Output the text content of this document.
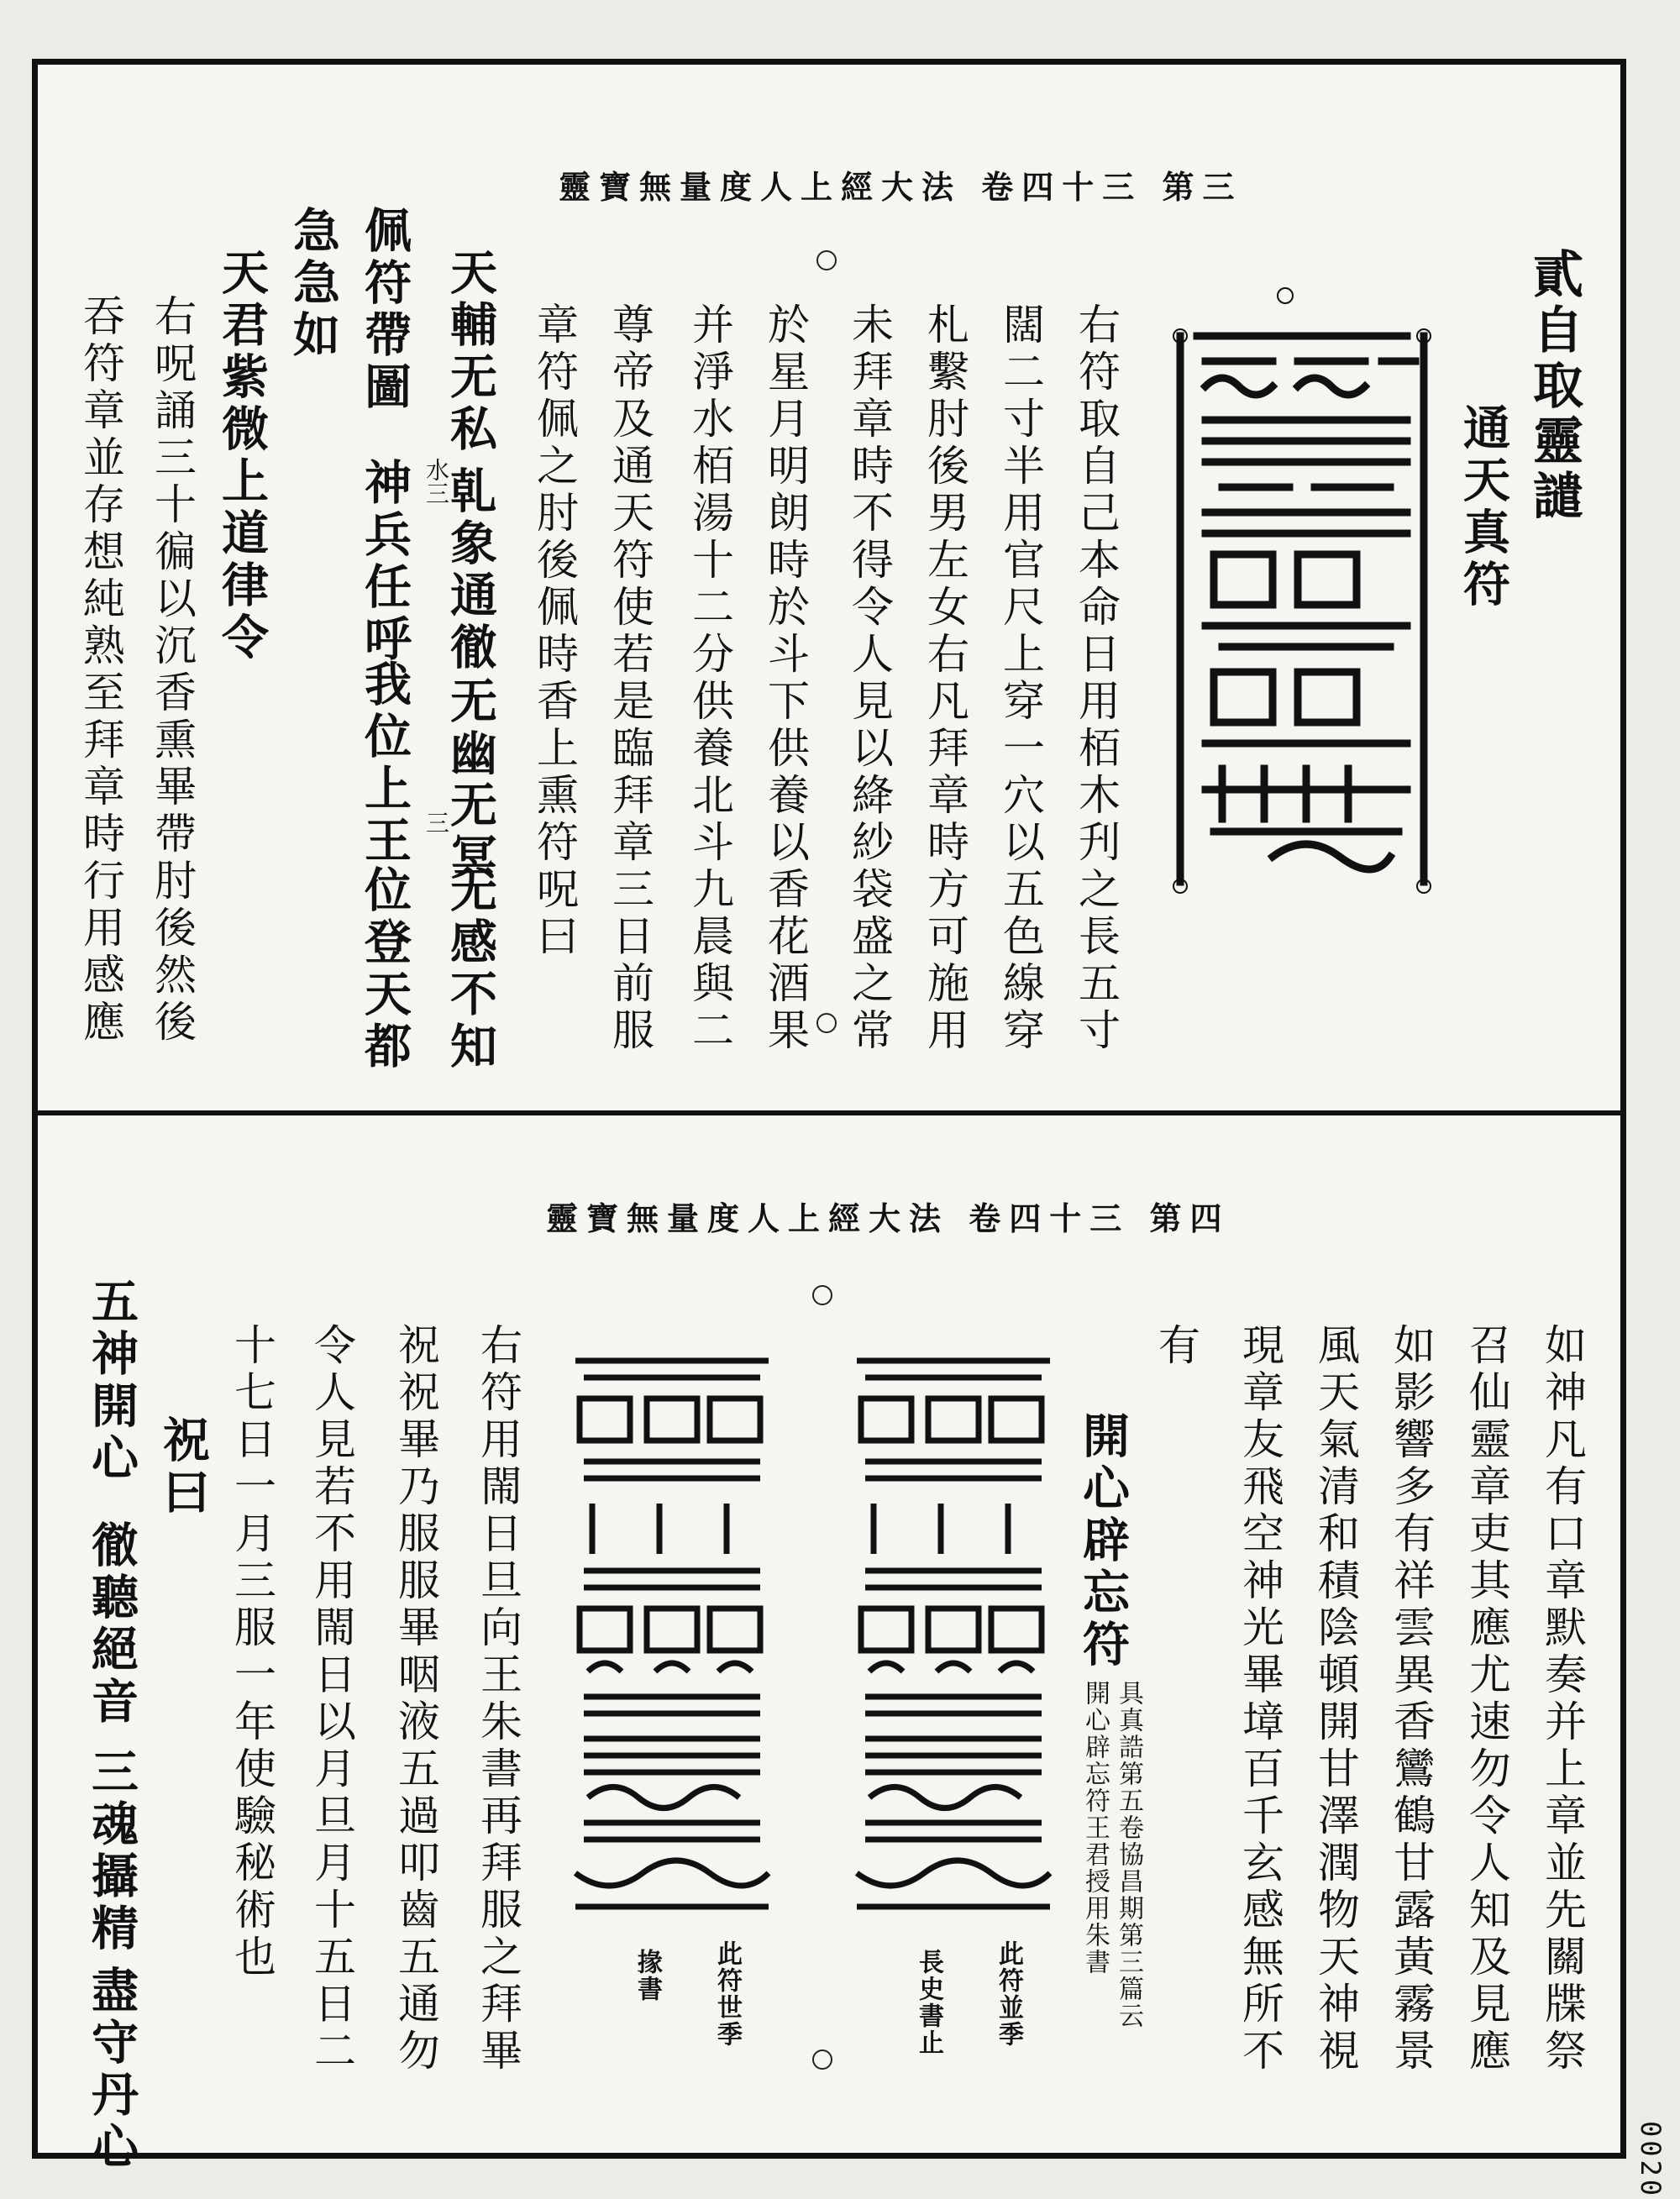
靈寶無量度人上經大法 卷四十三 第三
貳自取靈譴
通天真符
右符取自己本命日用栢木刋之長五寸
闊二寸半用官尺上穿一穴以五色線穿
札繫肘後男左女右凡拜章時方可施用
未拜章時不得令人見以絳紗袋盛之常
於星月明朗時於斗下供養以香花酒果
并淨水栢湯十二分供養北斗九晨與二
尊帝及通天符使若是臨拜章三日前服
章符佩之肘後佩時香上熏符呪曰
天輔无私
乹象通徹
无幽无冥
无感不知
水三
三
佩符帶圖
神兵任呼
我位上王
位登天都
急急如
天君紫微上道律令
右呪誦三十徧以沉香熏畢帶肘後然後
吞符章並存想純熟至拜章時行用感應
靈寶無量度人上經大法 卷四十三 第四
如神凡有口章默奏并上章並先關牒祭
召仙靈章吏其應尤速勿令人知及見應
如影響多有祥雲異香鸞鶴甘露黃霧景
風天氣清和積陰頓開甘澤潤物天神視
現章友飛空神光畢墇百千玄感無所不
有
開心辟忘符
具真誥第五卷協昌期第三篇云
開心辟忘符王君授用朱書
此符並季
長史書止
此符世季
掾書
右符用閙日旦向王朱書再拜服之拜畢
祝祝畢乃服服畢咽液五過叩齒五通勿
令人見若不用閙日以月旦月十五日二
十七日一月三服一年使驗秘術也
祝曰
五神開心
徹聽絕音
三魂攝精
盡守丹心	0020
